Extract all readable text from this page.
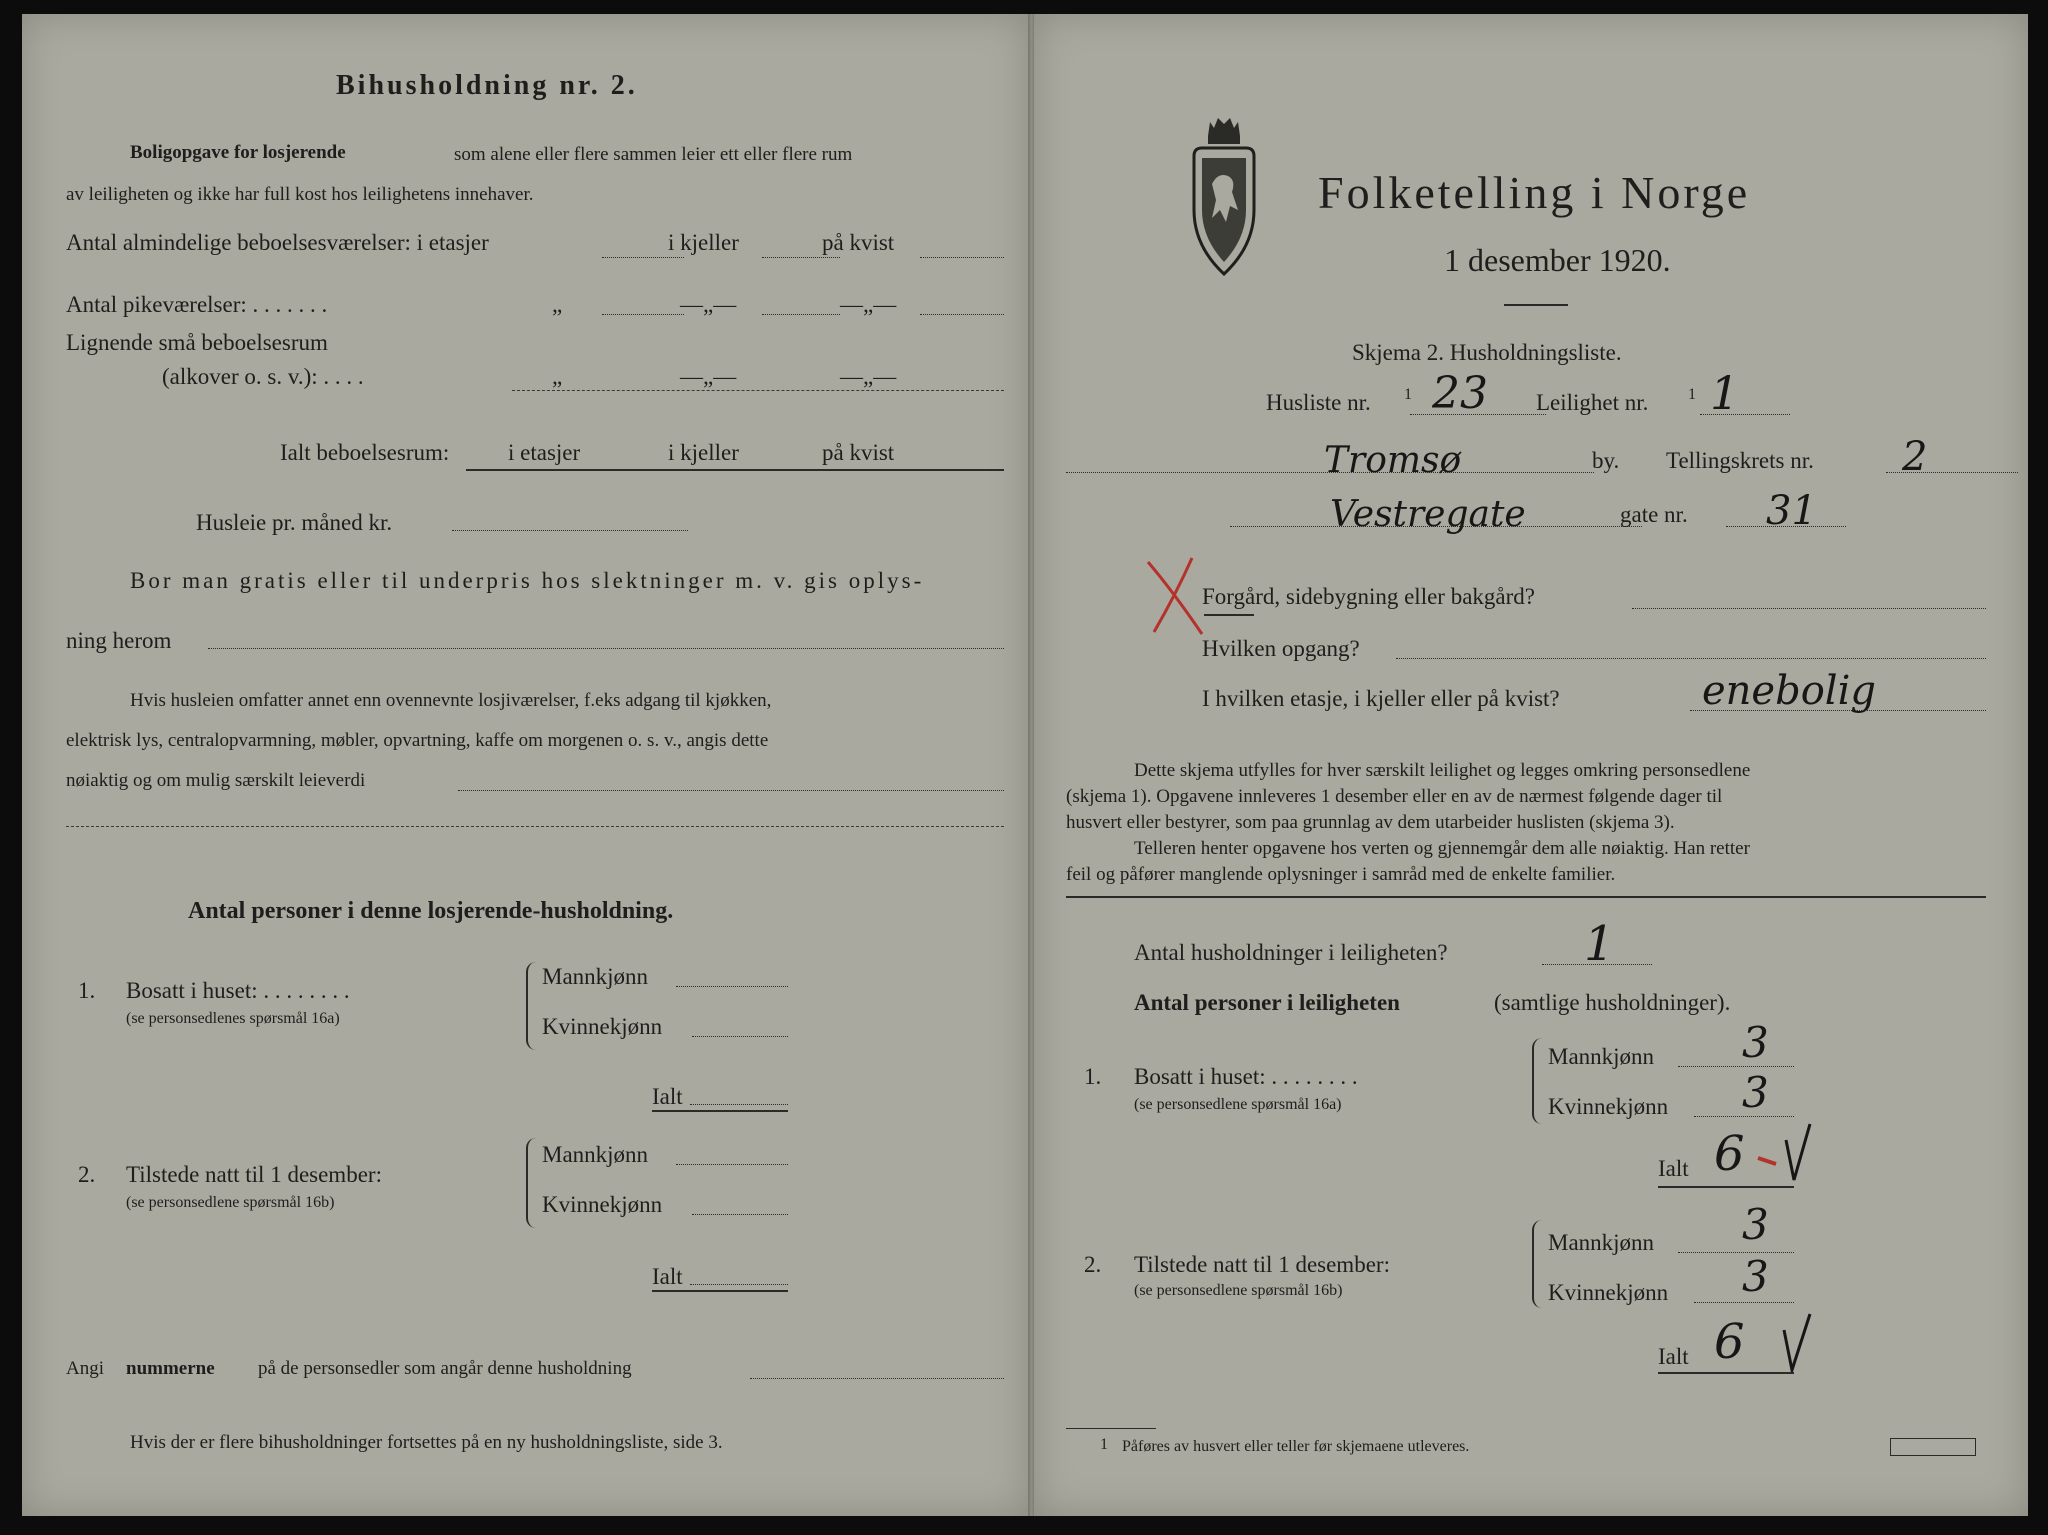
Bihusholdning nr. 2.
Boligopgave for losjerende	som alene eller flere sammen leier ett eller flere rum
av leiligheten og ikke har full kost hos leilighetens innehaver.
Antal almindelige beboelsesværelser: i etasjer	i kjeller	på kvist
Antal pikeværelser: . . . . . . .	„	—„—	—„—
Lignende små beboelsesrum
(alkover o. s. v.): . . . .	„	—„—	—„—
Ialt beboelsesrum:	i etasjer	i kjeller	på kvist
Husleie pr. måned kr.
Bor man gratis eller til underpris hos slektninger m. v. gis oplys-
ning herom
Hvis husleien omfatter annet enn ovennevnte losjiværelser, f.eks adgang til kjøkken,
elektrisk lys, centralopvarmning, møbler, opvartning, kaffe om morgenen o. s. v., angis dette
nøiaktig og om mulig særskilt leieverdi
Antal personer i denne losjerende-husholdning.
1. Bosatt i huset: . . . . . . . .
(se personsedlenes spørsmål 16a)
Mannkjønn
Kvinnekjønn
Ialt
2. Tilstede natt til 1 desember:
(se personsedlene spørsmål 16b)
Mannkjønn
Kvinnekjønn
Ialt
Angi nummerne på de personsedler som angår denne husholdning
Hvis der er flere bihusholdninger fortsettes på en ny husholdningsliste, side 3.
Folketelling i Norge
1 desember 1920.
Skjema 2. Husholdningsliste.
Husliste nr. 1 23 Leilighet nr. 1 1
Tromsø	by. Tellingskrets nr. 2
Vestregate	gate nr. 31
Forgård, sidebygning eller bakgård?
Hvilken opgang?
I hvilken etasje, i kjeller eller på kvist?	enebolig
Dette skjema utfylles for hver særskilt leilighet og legges omkring personsedlene
(skjema 1). Opgavene innleveres 1 desember eller en av de nærmest følgende dager til
husvert eller bestyrer, som paa grunnlag av dem utarbeider huslisten (skjema 3).
Telleren henter opgavene hos verten og gjennemgår dem alle nøiaktig. Han retter
feil og påfører manglende oplysninger i samråd med de enkelte familier.
Antal husholdninger i leiligheten?	1
Antal personer i leiligheten	(samtlige husholdninger).
1. Bosatt i huset: . . . . . . . .
(se personsedlene spørsmål 16a)
Mannkjønn 3
Kvinnekjønn 3
Ialt 6
2. Tilstede natt til 1 desember:
(se personsedlene spørsmål 16b)
Mannkjønn 3
Kvinnekjønn 3
Ialt 6
1 Påføres av husvert eller teller før skjemaene utleveres.
